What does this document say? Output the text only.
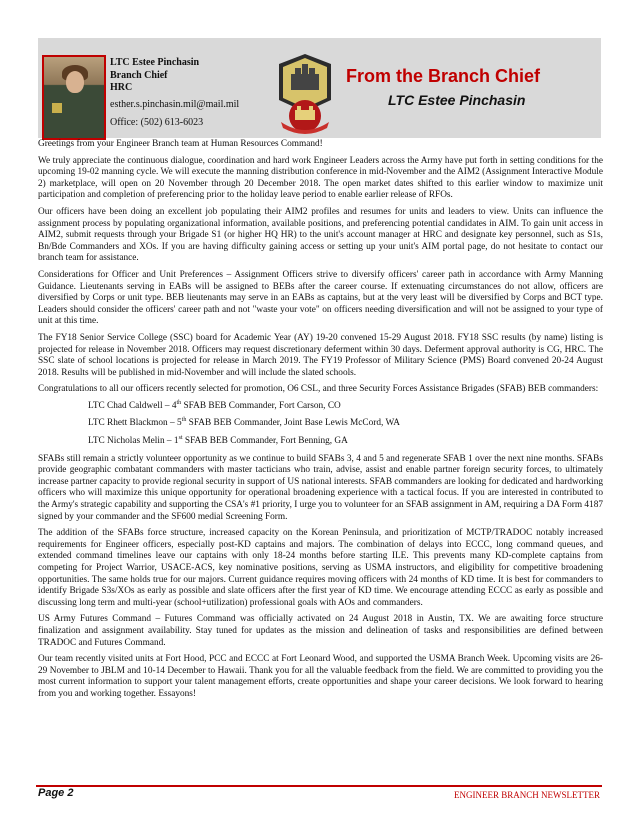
LTC Estee Pinchasin
Branch Chief
HRC
esther.s.pinchasin.mil@mail.mil
Office: (502) 613-6023
From the Branch Chief
LTC Estee Pinchasin

Greetings from your Engineer Branch team at Human Resources Command!

We truly appreciate the continuous dialogue, coordination and hard work Engineer Leaders across the Army have put forth in setting conditions for the upcoming 19-02 manning cycle. We will execute the manning distribution conference in mid-November and the AIM2 (Assignment Interactive Module 2) marketplace, will open on 20 November through 20 December 2018. The open market dates shifted to this earlier window to maximize unit participation and completion of preferencing prior to the holiday leave period to enable earlier release of RFOs.

Our officers have been doing an excellent job populating their AIM2 profiles and resumes for units and leaders to view. Units can influence the assignment process by populating organizational information, available positions, and preferencing potential candidates in AIM. To gain unit access in AIM2, submit requests through your Brigade S1 (or higher HQ HR) to the unit's account manager at HRC and designate key personnel, such as S1s, Bn/Bde Commanders and XOs. If you are having difficulty gaining access or setting up your unit's AIM portal page, do not hesitate to contact our branch team for assistance.

Considerations for Officer and Unit Preferences – Assignment Officers strive to diversify officers' career path in accordance with Army Manning Guidance. Lieutenants serving in EABs will be assigned to BEBs after the career course. If extenuating circumstances do not allow, officers are diversified by Corps or unit type. BEB lieutenants may serve in an EABs as captains, but at the very least will be diversified by Corps and BCT type. Leaders should consider the officers' career path and not "waste your vote" on officers needing diversification and will not be assigned to your type of unit at this time.

The FY18 Senior Service College (SSC) board for Academic Year (AY) 19-20 convened 15-29 August 2018. FY18 SSC results (by name) listing is projected for release in November 2018. Officers may request discretionary deferment within 30 days. Deferment approval authority is CG, HRC. The SSC slate of school locations is projected for release in March 2019. The FY19 Professor of Military Science (PMS) Board convened 20-24 August 2018. Results will be published in mid-November and will include the slated schools.

Congratulations to all our officers recently selected for promotion, O6 CSL, and three Security Forces Assistance Brigades (SFAB) BEB commanders:

LTC Chad Caldwell – 4th SFAB BEB Commander, Fort Carson, CO

LTC Rhett Blackmon – 5th SFAB BEB Commander, Joint Base Lewis McCord, WA

LTC Nicholas Melin – 1st SFAB BEB Commander, Fort Benning, GA

SFABs still remain a strictly volunteer opportunity as we continue to build SFABs 3, 4 and 5 and regenerate SFAB 1 over the next nine months. SFABs provide geographic combatant commanders with master tacticians who train, advise, assist and enable partner foreign security forces, to ultimately increase partner capacity to provide regional security in support of US national interests. SFAB commanders are looking for dedicated and hardworking officers who will maximize this unique opportunity for operational broadening experience with a tactical focus. If you are interested in contributed to the Army's strategic capability and supporting the CSA's #1 priority, I urge you to volunteer for an SFAB assignment in AM, requiring a DA Form 4187 signed by your commander and the SF600 medial Screening Form.

The addition of the SFABs force structure, increased capacity on the Korean Peninsula, and prioritization of MCTP/TRADOC notably increased requirements for Engineer officers, especially post-KD captains and majors. The combination of delays into ECCC, long command queues, and extended command timelines leave our captains with only 18-24 months before starting ILE. This prevents many KD-complete captains from competing for Project Warrior, USACE-ACS, key nominative positions, serving as USMA instructors, and eligibility for competitive broadening opportunities. The same holds true for our majors. Current guidance requires moving officers with 24 months of KD time. It is best for commanders to identify Brigade S3s/XOs as early as possible and slate officers after the first year of KD time. We encourage attending ECCC as early as possible and discussing long term and multi-year (school+utilization) professional goals with AOs and commanders.

US Army Futures Command – Futures Command was officially activated on 24 August 2018 in Austin, TX. We are awaiting force structure finalization and assignment availability. Stay tuned for updates as the mission and delineation of tasks and responsibilities are defined between TRADOC and Futures Command.

Our team recently visited units at Fort Hood, PCC and ECCC at Fort Leonard Wood, and supported the USMA Branch Week. Upcoming visits are 26-29 November to JBLM and 10-14 December to Hawaii. Thank you for all the valuable feedback from the field. We are committed to providing you the most current information to support your talent management efforts, create opportunities and shape your career decisions. We look forward to hearing from you and working together. Essayons!

Page 2	ENGINEER BRANCH NEWSLETTER
